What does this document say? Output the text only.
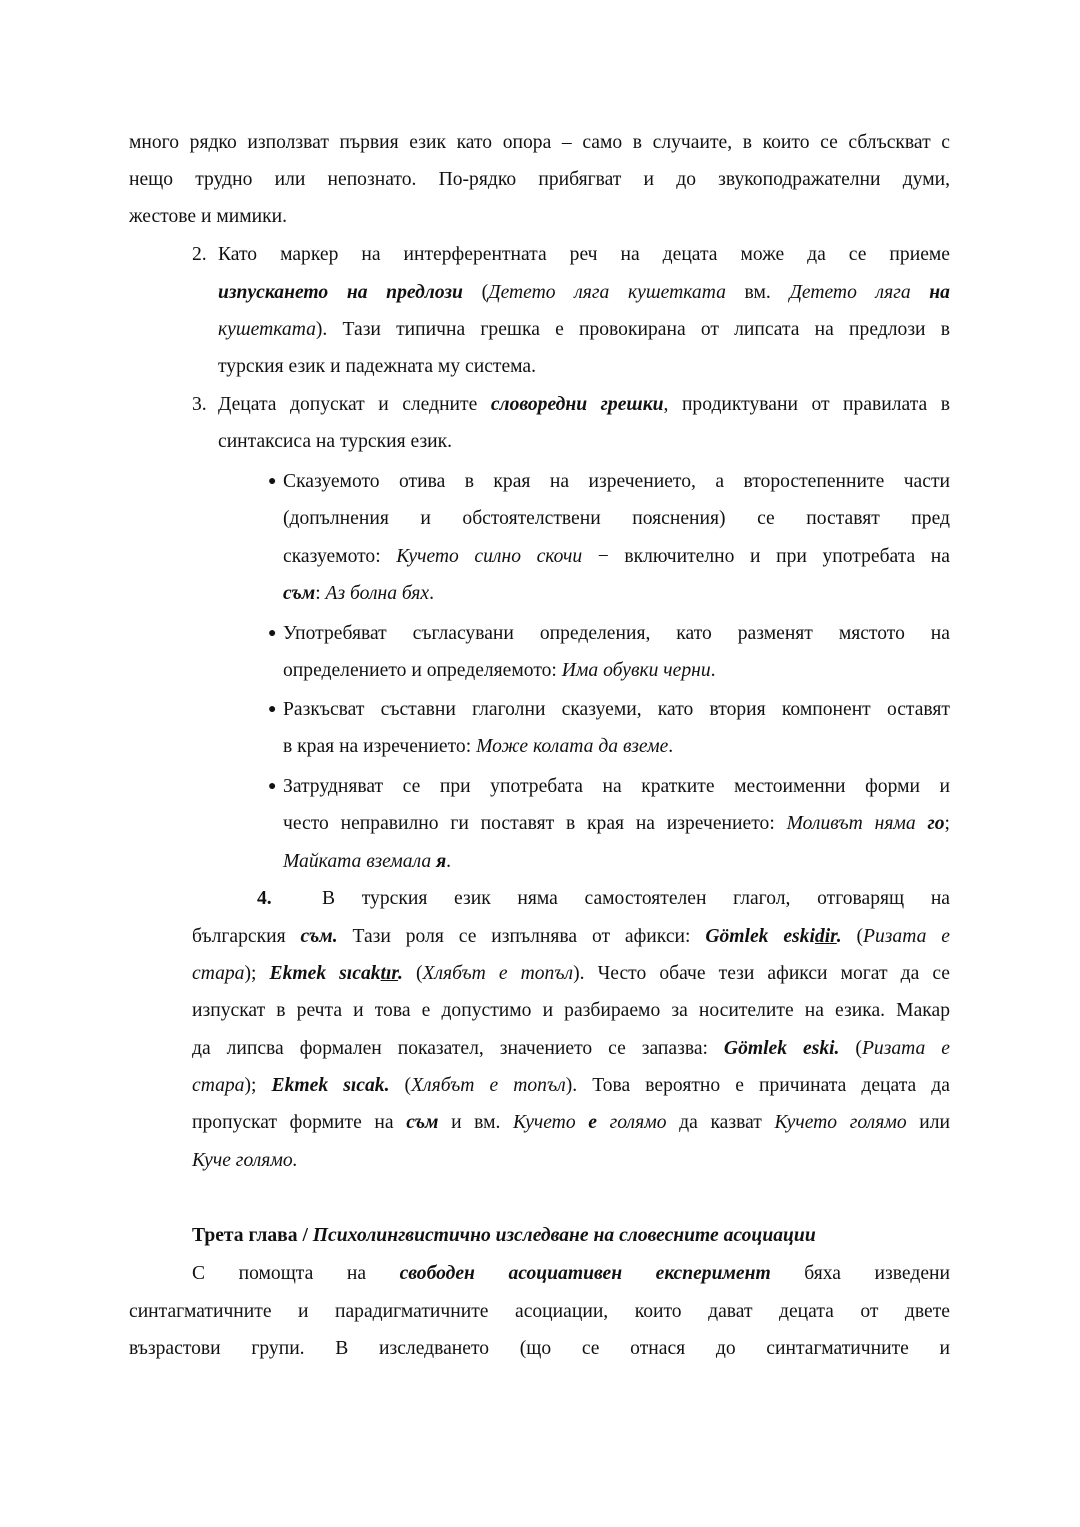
много рядко използват първия език като опора – само в случаите, в които се сблъскват с
нещо трудно или непознато. По-рядко прибягват и до звукоподражателни думи,
жестове и мимики.
2. Като маркер на интерферентната реч на децата може да се приеме
изпускането на предлози (Детето ляга кушетката вм. Детето ляга на
кушетката). Тази типична грешка е провокирана от липсата на предлози в
турския език и падежната му система.
3. Децата допускат и следните словоредни грешки, продиктувани от правилата в
синтаксиса на турския език.
● Сказуемото отива в края на изречението, а второстепенните части
(допълнения и обстоятелствени пояснения) се поставят пред
сказуемото: Кучето силно скочи − включително и при употребата на
съм: Аз болна бях.
● Употребяват съгласувани определения, като разменят мястото на
определението и определяемото: Има обувки черни.
● Разкъсват съставни глаголни сказуеми, като втория компонент оставят
в края на изречението: Може колата да вземе.
● Затрудняват се при употребата на кратките местоименни форми и
често неправилно ги поставят в края на изречението: Моливът няма го;
Майката вземала я.
4.	В турския език няма самостоятелен глагол, отговарящ на
българския съм. Тази роля се изпълнява от афикси: Gömlek eskidir. (Ризата е
стара); Ekmek sıcaktır. (Хлябът е топъл). Често обаче тези афикси могат да се
изпускат в речта и това е допустимо и разбираемо за носителите на езика. Макар
да липсва формален показател, значението се запазва: Gömlek eski. (Ризата е
стара); Ekmek sıcak. (Хлябът е топъл). Това вероятно е причината децата да
пропускат формите на съм и вм. Кучето е голямо да казват Кучето голямо или
Куче голямо.
Трета глава / Психолингвистично изследване на словесните асоциации
С помощта на свободен асоциативен експеримент бяха изведени
синтагматичните и парадигматичните асоциации, които дават децата от двете
възрастови групи. В изследването (що се отнася до синтагматичните и
